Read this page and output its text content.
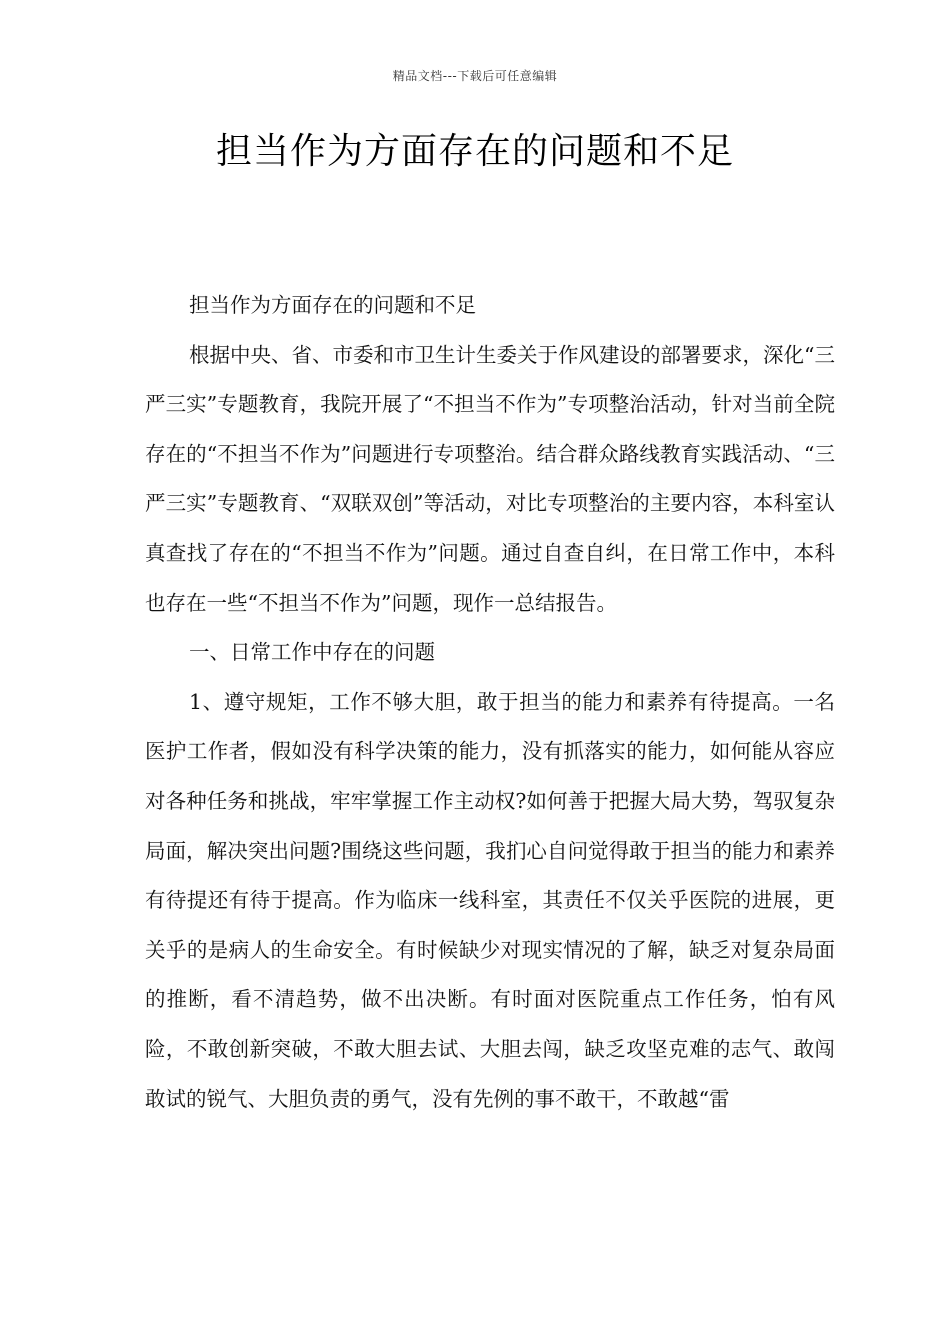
精品文档---下载后可任意编辑
担当作为方面存在的问题和不足

担当作为方面存在的问题和不足

根据中央、省、市委和市卫生计生委关于作风建设的部署要求，深化“三严三实”专题教育，我院开展了“不担当不作为”专项整治活动，针对当前全院存在的“不担当不作为”问题进行专项整治。结合群众路线教育实践活动、“三严三实”专题教育、“双联双创”等活动，对比专项整治的主要内容，本科室认真查找了存在的“不担当不作为”问题。通过自查自纠，在日常工作中，本科也存在一些“不担当不作为”问题，现作一总结报告。

一、日常工作中存在的问题

1、遵守规矩，工作不够大胆，敢于担当的能力和素养有待提高。一名医护工作者，假如没有科学决策的能力，没有抓落实的能力，如何能从容应对各种任务和挑战，牢牢掌握工作主动权?如何善于把握大局大势，驾驭复杂局面，解决突出问题?围绕这些问题，我扪心自问觉得敢于担当的能力和素养有待提还有待于提高。作为临床一线科室，其责任不仅关乎医院的进展，更关乎的是病人的生命安全。有时候缺少对现实情况的了解，缺乏对复杂局面的推断，看不清趋势，做不出决断。有时面对医院重点工作任务，怕有风险，不敢创新突破，不敢大胆去试、大胆去闯，缺乏攻坚克难的志气、敢闯敢试的锐气、大胆负责的勇气，没有先例的事不敢干，不敢越“雷
